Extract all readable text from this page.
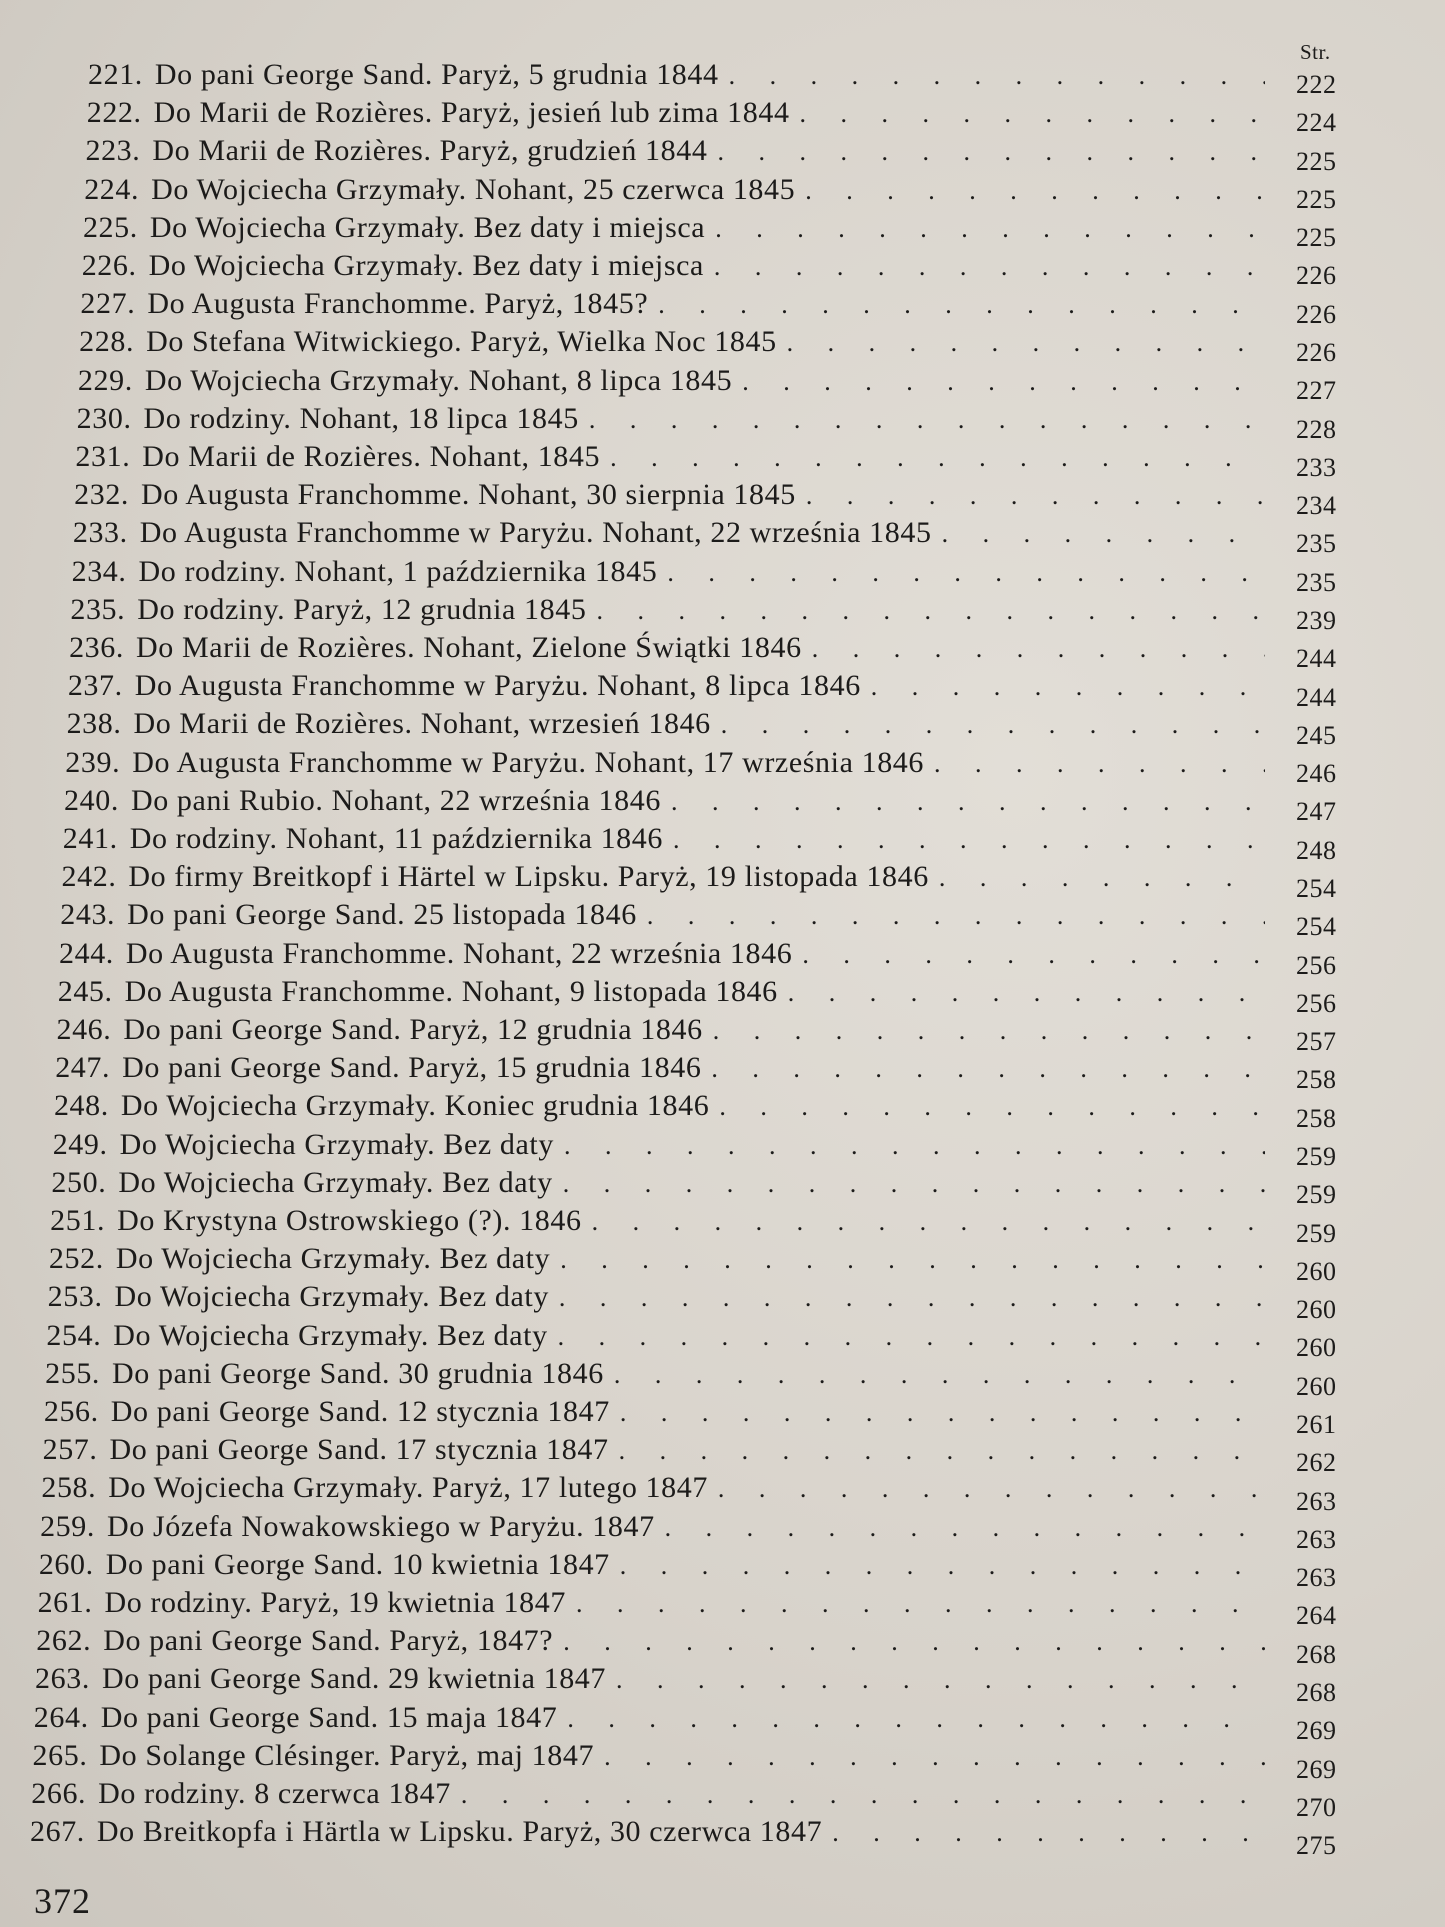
Str.
221. Do pani George Sand. Paryż, 5 grudnia 1844 . . .	222
222. Do Marii de Rozières. Paryż, jesień lub zima 1844 . . .	224
223. Do Marii de Rozières. Paryż, grudzień 1844 . . .	225
224. Do Wojciecha Grzymały. Nohant, 25 czerwca 1845 . . .	225
225. Do Wojciecha Grzymały. Bez daty i miejsca . . .	225
226. Do Wojciecha Grzymały. Bez daty i miejsca . . .	226
227. Do Augusta Franchomme. Paryż, 1845? . . .	226
228. Do Stefana Witwickiego. Paryż, Wielka Noc 1845 . . .	226
229. Do Wojciecha Grzymały. Nohant, 8 lipca 1845 . . .	227
230. Do rodziny. Nohant, 18 lipca 1845 . . .	228
231. Do Marii de Rozières. Nohant, 1845 . . .	233
232. Do Augusta Franchomme. Nohant, 30 sierpnia 1845 . . .	234
233. Do Augusta Franchomme w Paryżu. Nohant, 22 września 1845 . . .	235
234. Do rodziny. Nohant, 1 października 1845 . . .	235
235. Do rodziny. Paryż, 12 grudnia 1845 . . .	239
236. Do Marii de Rozières. Nohant, Zielone Świątki 1846 . . .	244
237. Do Augusta Franchomme w Paryżu. Nohant, 8 lipca 1846 . . .	244
238. Do Marii de Rozières. Nohant, wrzesień 1846 . . .	245
239. Do Augusta Franchomme w Paryżu. Nohant, 17 września 1846 . . .	246
240. Do pani Rubio. Nohant, 22 września 1846 . . .	247
241. Do rodziny. Nohant, 11 października 1846 . . .	248
242. Do firmy Breitkopf i Härtel w Lipsku. Paryż, 19 listopada 1846 . . .	254
243. Do pani George Sand. 25 listopada 1846 . . .	254
244. Do Augusta Franchomme. Nohant, 22 września 1846 . . .	256
245. Do Augusta Franchomme. Nohant, 9 listopada 1846 . . .	256
246. Do pani George Sand. Paryż, 12 grudnia 1846 . . .	257
247. Do pani George Sand. Paryż, 15 grudnia 1846 . . .	258
248. Do Wojciecha Grzymały. Koniec grudnia 1846 . . .	258
249. Do Wojciecha Grzymały. Bez daty . . .	259
250. Do Wojciecha Grzymały. Bez daty . . .	259
251. Do Krystyna Ostrowskiego (?). 1846 . . .	259
252. Do Wojciecha Grzymały. Bez daty . . .	260
253. Do Wojciecha Grzymały. Bez daty . . .	260
254. Do Wojciecha Grzymały. Bez daty . . .	260
255. Do pani George Sand. 30 grudnia 1846 . . .	260
256. Do pani George Sand. 12 stycznia 1847 . . .	261
257. Do pani George Sand. 17 stycznia 1847 . . .	262
258. Do Wojciecha Grzymały. Paryż, 17 lutego 1847 . . .	263
259. Do Józefa Nowakowskiego w Paryżu. 1847 . . .	263
260. Do pani George Sand. 10 kwietnia 1847 . . .	263
261. Do rodziny. Paryż, 19 kwietnia 1847 . . .	264
262. Do pani George Sand. Paryż, 1847? . . .	268
263. Do pani George Sand. 29 kwietnia 1847 . . .	268
264. Do pani George Sand. 15 maja 1847 . . .	269
265. Do Solange Clésinger. Paryż, maj 1847 . . .	269
266. Do rodziny. 8 czerwca 1847 . . .	270
267. Do Breitkopfa i Härtla w Lipsku. Paryż, 30 czerwca 1847 . . .	275
372
